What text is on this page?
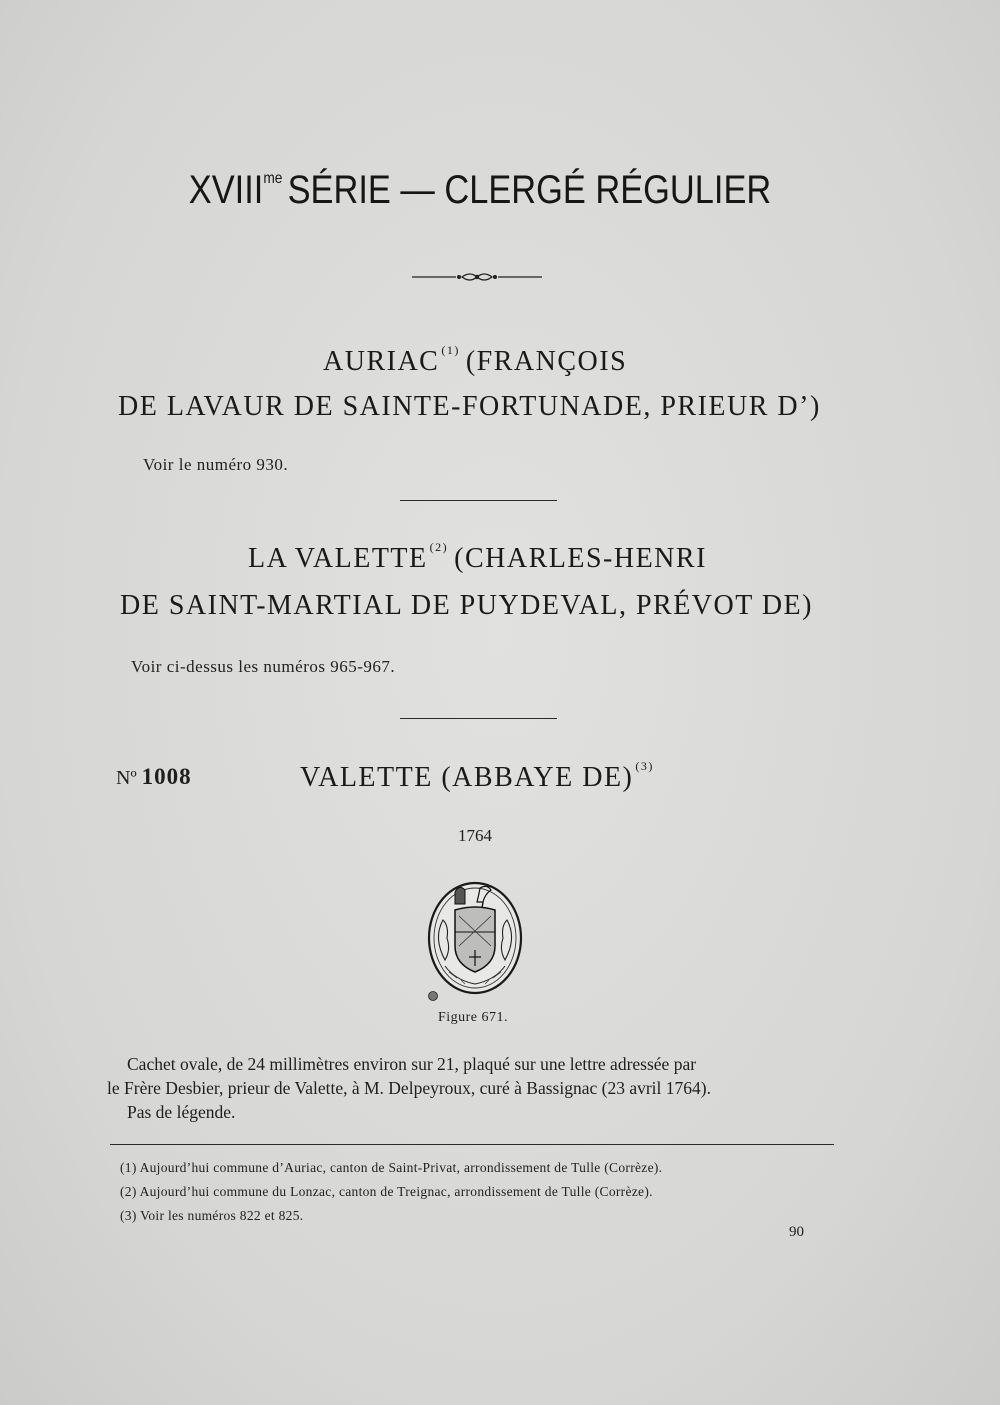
$XVIII^{me}$ SÉRIE — CLERGÉ RÉGULIER
AURIAC $^{(1)}$ (FRANÇOIS
DE LAVAUR DE SAINTE-FORTUNADE, PRIEUR D’)
Voir le numéro 930.
LA VALETTE $^{(2)}$ (CHARLES-HENRI
DE SAINT-MARTIAL DE PUYDEVAL, PRÉVOT DE)
Voir ci-dessus les numéros 965-967.
Nº 1008	VALETTE (ABBAYE DE) $^{(3)}$
1764
Figure 671.

Cachet ovale, de 24 millimètres environ sur 21, plaqué sur une lettre adressée par

le Frère Desbier, prieur de Valette, à M. Delpeyroux, curé à Bassignac (23 avril 1764).

Pas de légende.

(1) Aujourd’hui commune d’Auriac, canton de Saint-Privat, arrondissement de Tulle (Corrèze).
(2) Aujourd’hui commune du Lonzac, canton de Treignac, arrondissement de Tulle (Corrèze).
(3) Voir les numéros 822 et 825.
90
